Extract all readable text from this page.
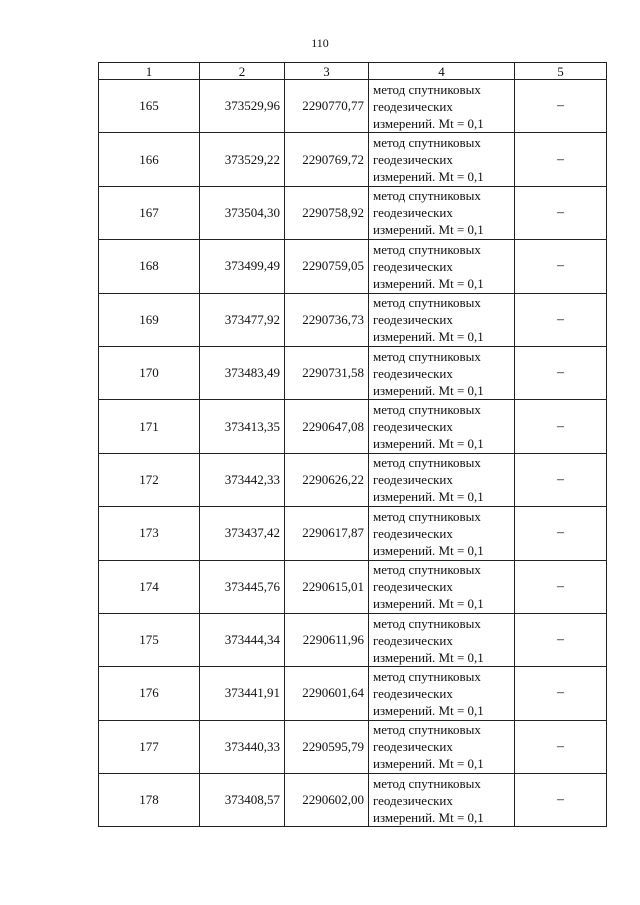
110
1	2	3	4	5
165	373529,96	2290770,77	метод спутниковых
геодезических
измерений. Mt = 0,1	–
166	373529,22	2290769,72	метод спутниковых
геодезических
измерений. Mt = 0,1	–
167	373504,30	2290758,92	метод спутниковых
геодезических
измерений. Mt = 0,1	–
168	373499,49	2290759,05	метод спутниковых
геодезических
измерений. Mt = 0,1	–
169	373477,92	2290736,73	метод спутниковых
геодезических
измерений. Mt = 0,1	–
170	373483,49	2290731,58	метод спутниковых
геодезических
измерений. Mt = 0,1	–
171	373413,35	2290647,08	метод спутниковых
геодезических
измерений. Mt = 0,1	–
172	373442,33	2290626,22	метод спутниковых
геодезических
измерений. Mt = 0,1	–
173	373437,42	2290617,87	метод спутниковых
геодезических
измерений. Mt = 0,1	–
174	373445,76	2290615,01	метод спутниковых
геодезических
измерений. Mt = 0,1	–
175	373444,34	2290611,96	метод спутниковых
геодезических
измерений. Mt = 0,1	–
176	373441,91	2290601,64	метод спутниковых
геодезических
измерений. Mt = 0,1	–
177	373440,33	2290595,79	метод спутниковых
геодезических
измерений. Mt = 0,1	–
178	373408,57	2290602,00	метод спутниковых
геодезических
измерений. Mt = 0,1	–
